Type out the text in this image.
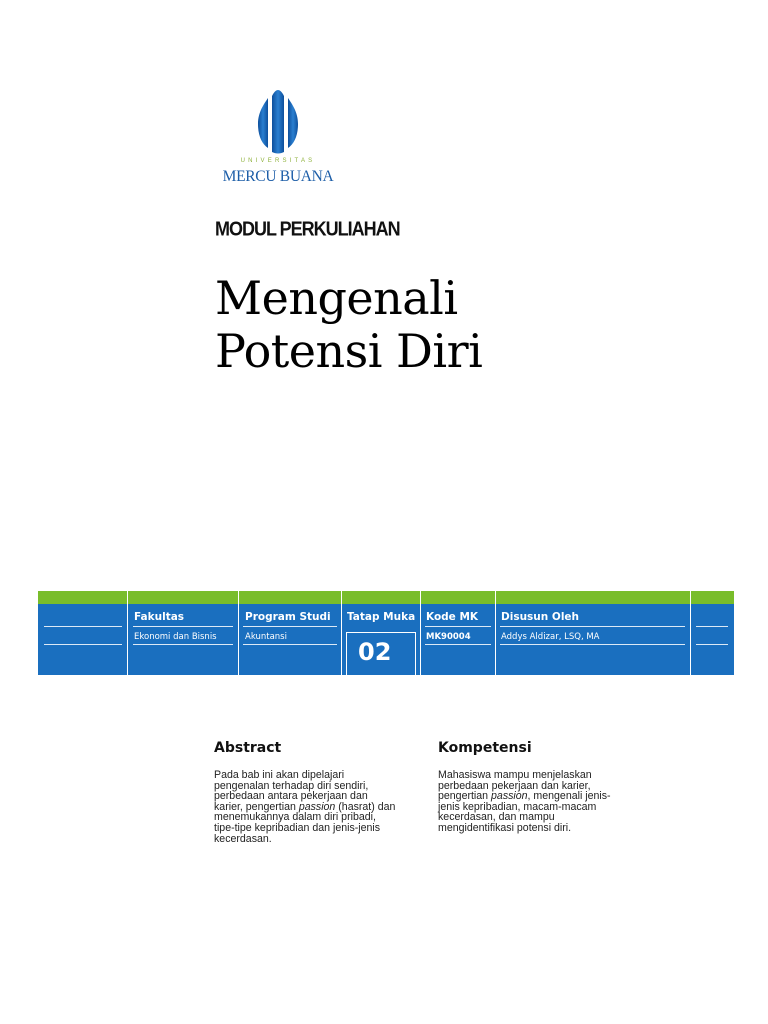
UNIVERSITAS
MERCU BUANA
MODUL PERKULIAHAN
Mengenali
Potensi Diri
Fakultas
Ekonomi dan Bisnis
Program Studi
Akuntansi
Tatap Muka
02
Kode MK
MK90004
Disusun Oleh
Addys Aldizar, LSQ, MA
Abstract

Pada bab ini akan dipelajari

pengenalan terhadap diri sendiri,

perbedaan antara pekerjaan dan

karier, pengertian passion (hasrat) dan

menemukannya dalam diri pribadi,

tipe-tipe kepribadian dan jenis-jenis

kecerdasan.

Kompetensi

Mahasiswa mampu menjelaskan

perbedaan pekerjaan dan karier,

pengertian passion, mengenali jenis-

jenis kepribadian, macam-macam

kecerdasan, dan mampu

mengidentifikasi potensi diri.
